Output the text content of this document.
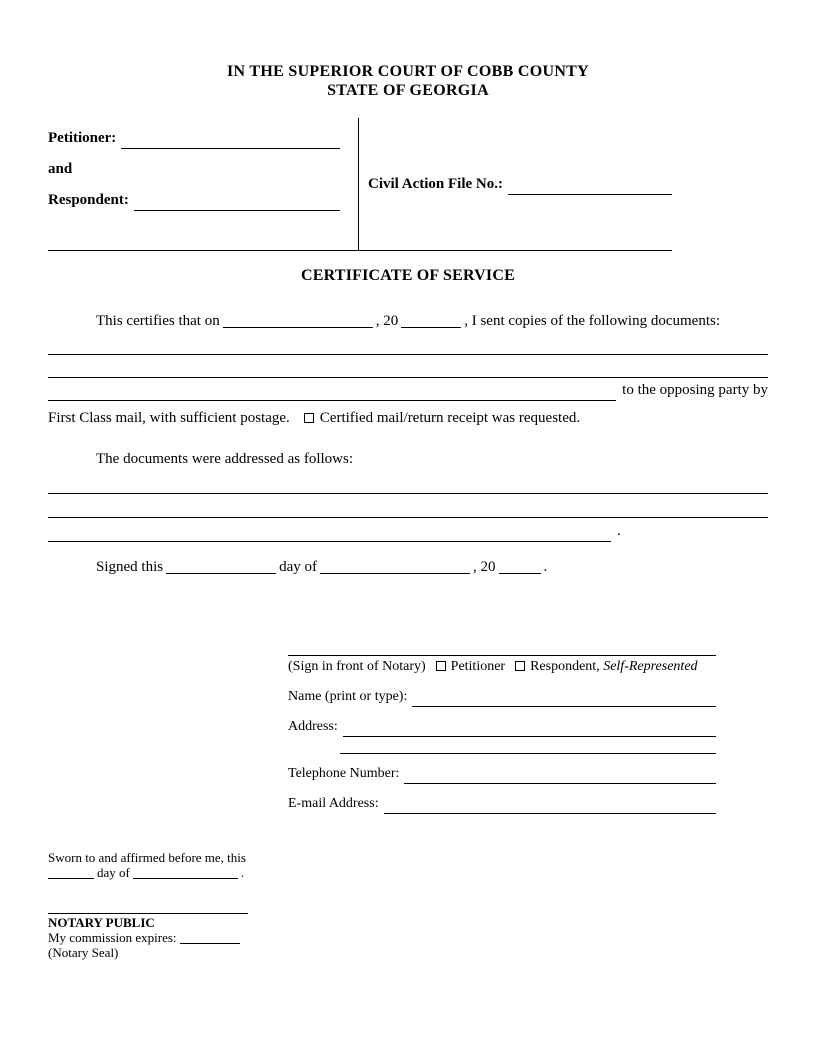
IN THE SUPERIOR COURT OF COBB COUNTY
STATE OF GEORGIA
Petitioner:
and
Respondent:
Civil Action File No.:
CERTIFICATE OF SERVICE
This certifies that on	, 20	, I sent copies of the following documents:
to the opposing party by
First Class mail, with sufficient postage. Certified mail/return receipt was requested.
The documents were addressed as follows:
.
Signed this	day of	, 20	.
(Sign in front of Notary) Petitioner Respondent, Self-Represented
Name (print or type):
Address:
Telephone Number:
E-mail Address:
Sworn to and affirmed before me, this
day of	.
NOTARY PUBLIC
My commission expires:
(Notary Seal)
